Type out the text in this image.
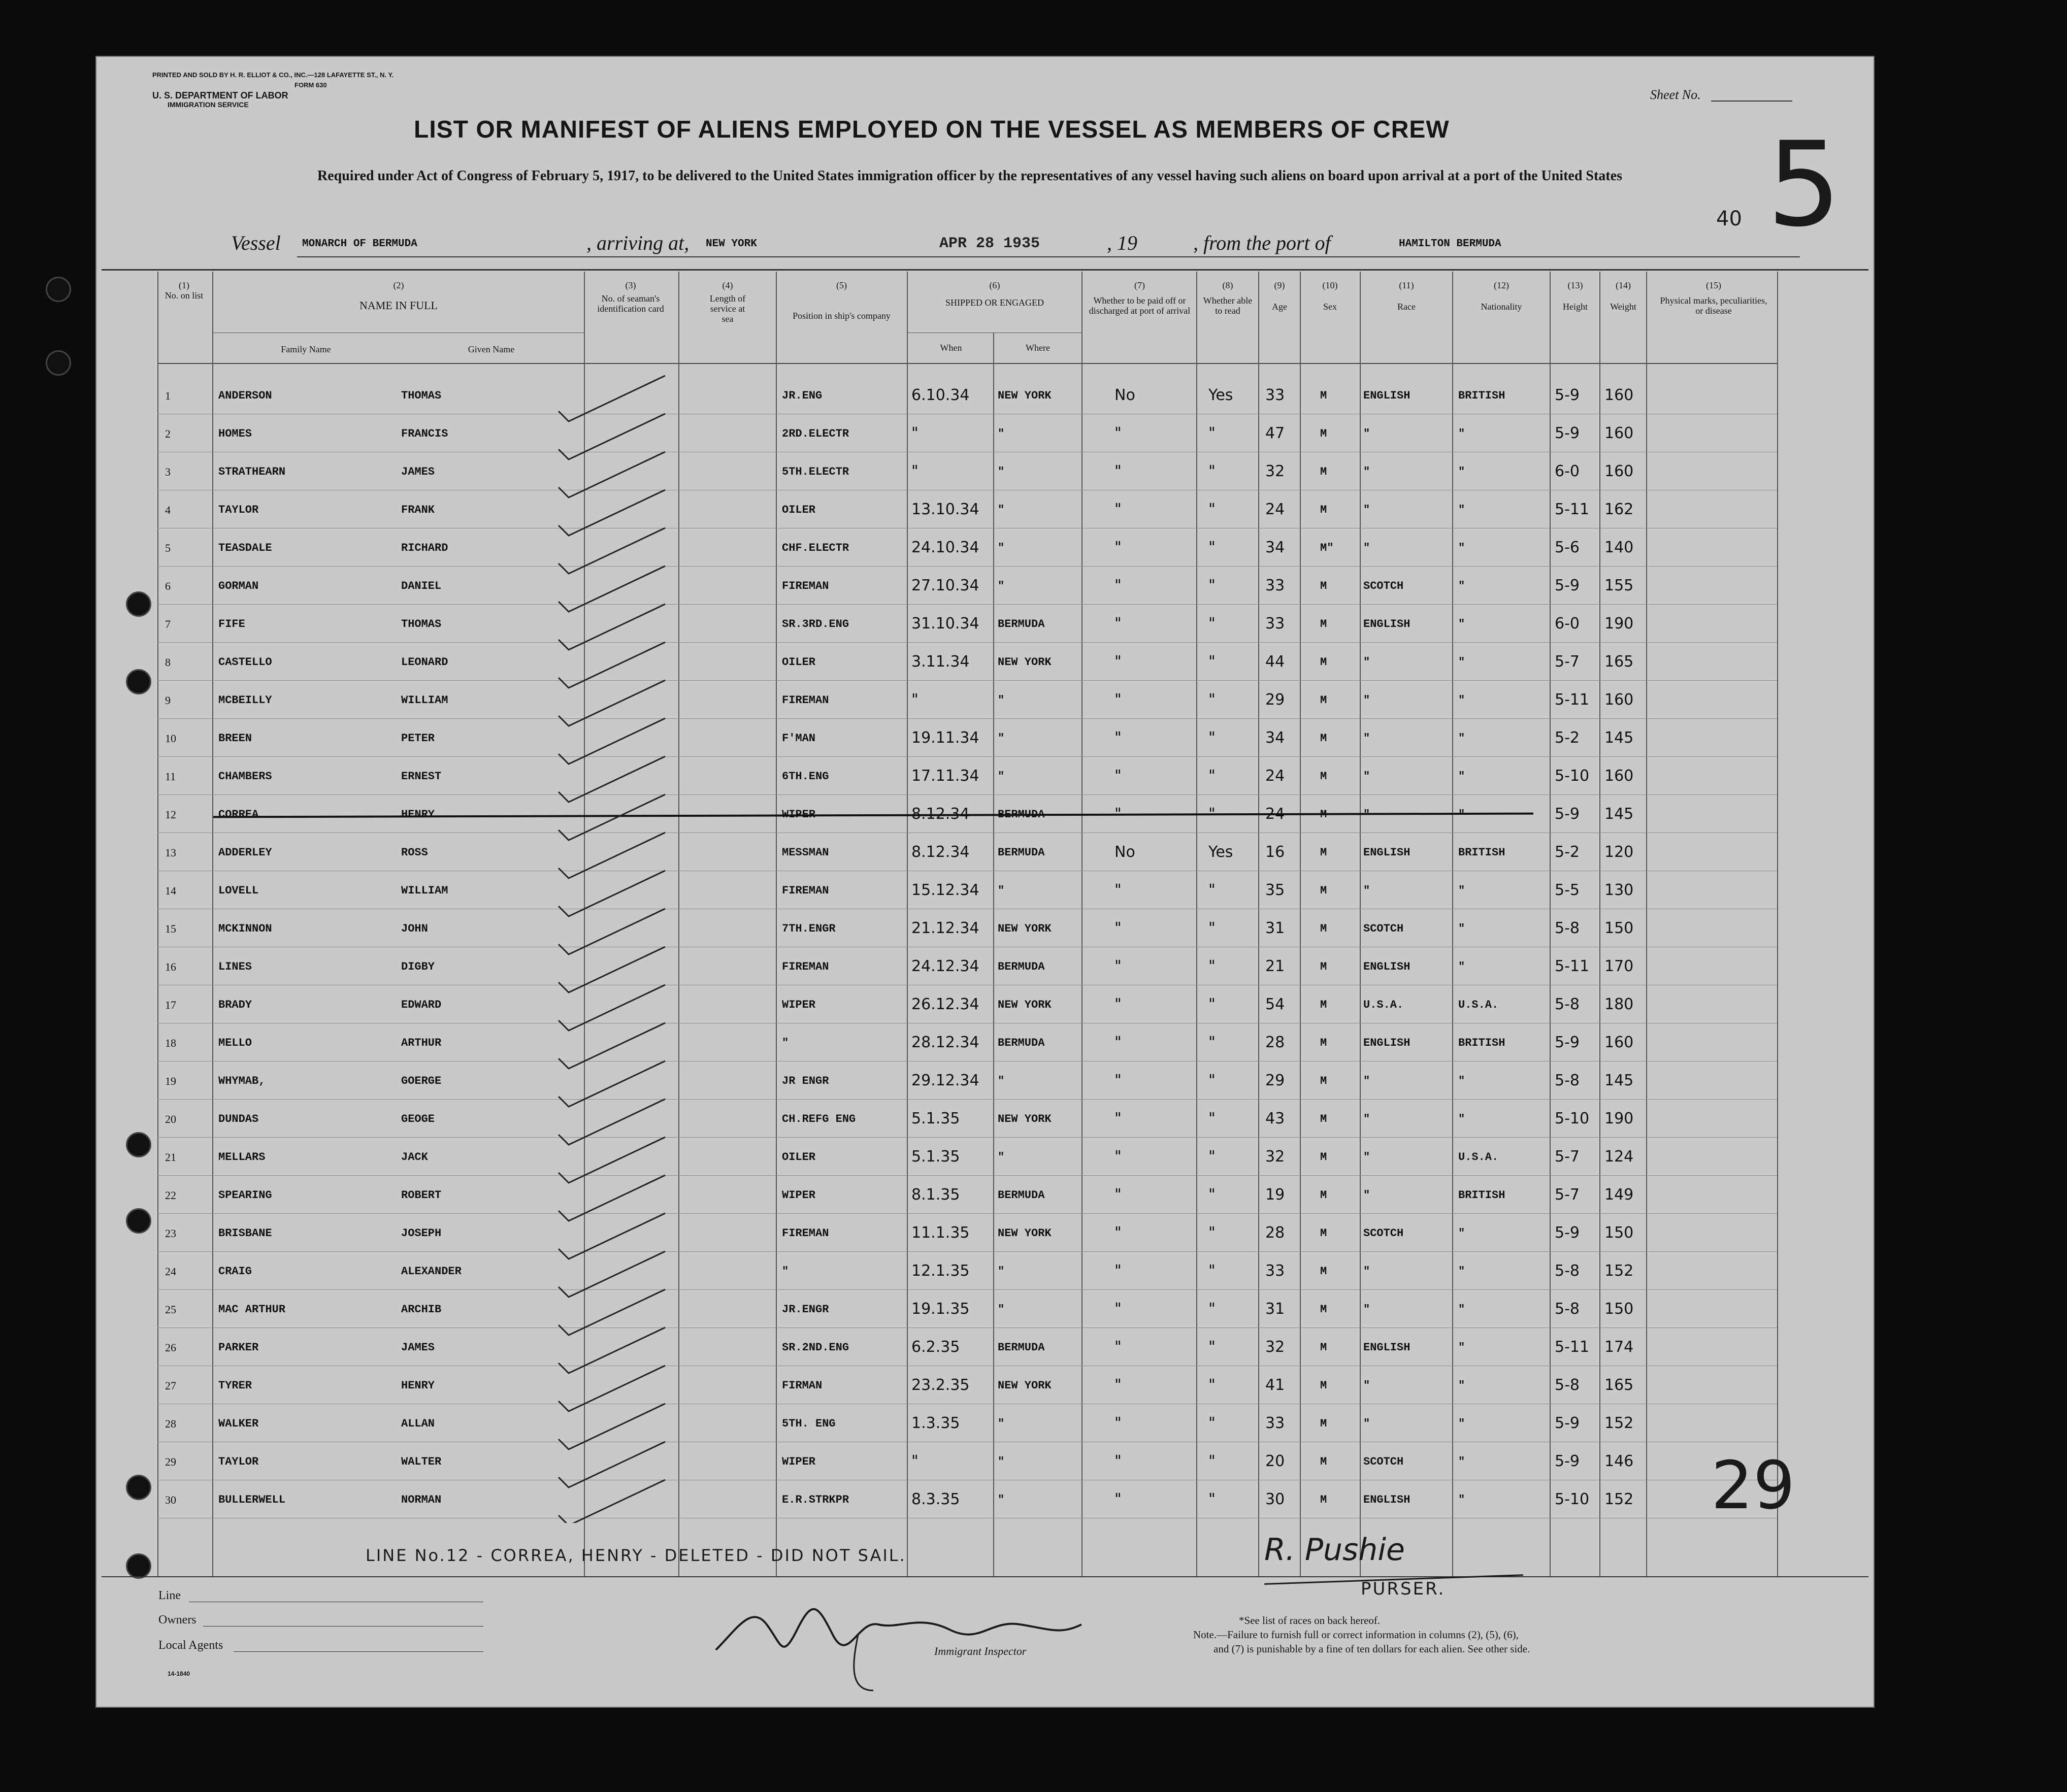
PRINTED AND SOLD BY H. R. ELLIOT & CO., INC.—128 LAFAYETTE ST., N. Y.
FORM 630
U. S. DEPARTMENT OF LABOR
IMMIGRATION SERVICE
Sheet No.
5
LIST OR MANIFEST OF ALIENS EMPLOYED ON THE VESSEL AS MEMBERS OF CREW
Required under Act of Congress of February 5, 1917, to be delivered to the United States immigration officer by the representatives of any vessel having such aliens on board upon arrival at a port of the United States
40
Vessel MONARCH OF BERMUDA	, arriving at, NEW YORK	APR 28 1935	, 19	, from the port of	HAMILTON BERMUDA
(1)
No. on list
(2)
NAME IN FULL
Family Name	Given Name
(3)
No. of seaman's identification card
(4)
Length of service at sea
(5)
Position in ship's company
(6)
SHIPPED OR ENGAGED
When	Where
(7)
Whether to be paid off or discharged at port of arrival
(8)
Whether able to read
(9)
Age
(10)
Sex
(11)
Race
(12)
Nationality
(13)
Height
(14)
Weight
(15)
Physical marks, peculiarities, or disease
1	ANDERSON	THOMAS	JR.ENG	6.10.34	NEW YORK	No	Yes 33	M	ENGLISH	BRITISH	5-9 160
2	HOMES	FRANCIS	2RD.ELECTR	"	"	"	"	47	M	"	"	5-9 160
3	STRATHEARN	JAMES	5TH.ELECTR	"	"	"	"	32	M	"	"	6-0 160
4	TAYLOR	FRANK	OILER	13.10.34 "	"	"	24	M	"	"	5-11 162
5	TEASDALE	RICHARD	CHF.ELECTR	24.10.34 "	"	"	34	M"	"	"	5-6 140
6	GORMAN	DANIEL	FIREMAN	27.10.34 "	"	"	33	M	SCOTCH	"	5-9 155
7	FIFE	THOMAS	SR.3RD.ENG	31.10.34 BERMUDA	"	"	33	M	ENGLISH	"	6-0 190
8	CASTELLO	LEONARD	OILER	3.11.34	NEW YORK	"	"	44	M	"	"	5-7 165
9	MCBEILLY	WILLIAM	FIREMAN	"	"	"	"	29	M	"	"	5-11 160
10	BREEN	PETER	F'MAN	19.11.34 "	"	"	34	M	"	"	5-2 145
11	CHAMBERS	ERNEST	6TH.ENG	17.11.34 "	"	"	24	M	"	"	5-10 160
12	CORREA	HENRY	WIPER	8.12.34	BERMUDA	"	"	24	M	"	"	5-9 145
13	ADDERLEY	ROSS	MESSMAN	8.12.34	BERMUDA	No	Yes 16	M	ENGLISH	BRITISH	5-2 120
14	LOVELL	WILLIAM	FIREMAN	15.12.34 "	"	"	35	M	"	"	5-5 130
15	MCKINNON	JOHN	7TH.ENGR	21.12.34 NEW YORK	"	"	31	M	SCOTCH	"	5-8 150
16	LINES	DIGBY	FIREMAN	24.12.34 BERMUDA	"	"	21	M	ENGLISH	"	5-11 170
17	BRADY	EDWARD	WIPER	26.12.34 NEW YORK	"	"	54	M	U.S.A.	U.S.A.	5-8 180
18	MELLO	ARTHUR	"	28.12.34 BERMUDA	"	"	28	M	ENGLISH	BRITISH	5-9 160
19	WHYMAB,	GOERGE	JR ENGR	29.12.34 "	"	"	29	M	"	"	5-8 145
20	DUNDAS	GEOGE	CH.REFG ENG	5.1.35	NEW YORK	"	"	43	M	"	"	5-10 190
21	MELLARS	JACK	OILER	5.1.35	"	"	"	32	M	"	U.S.A.	5-7 124
22	SPEARING	ROBERT	WIPER	8.1.35	BERMUDA	"	"	19	M	"	BRITISH	5-7 149
23	BRISBANE	JOSEPH	FIREMAN	11.1.35	NEW YORK	"	"	28	M	SCOTCH	"	5-9 150
24	CRAIG	ALEXANDER	"	12.1.35	"	"	"	33	M	"	"	5-8 152
25	MAC ARTHUR	ARCHIB	JR.ENGR	19.1.35	"	"	"	31	M	"	"	5-8 150
26	PARKER	JAMES	SR.2ND.ENG	6.2.35	BERMUDA	"	"	32	M	ENGLISH	"	5-11 174
27	TYRER	HENRY	FIRMAN	23.2.35	NEW YORK	"	"	41	M	"	"	5-8 165
28	WALKER	ALLAN	5TH. ENG	1.3.35	"	"	"	33	M	"	"	5-9 152
29	TAYLOR	WALTER	WIPER	"	"	"	"	20	M	SCOTCH	"	5-9 146
30	BULLERWELL	NORMAN	E.R.STRKPR	8.3.35	"	"	"	30	M	ENGLISH	"	5-10 152 29
LINE No.12 - CORREA, HENRY - DELETED - DID NOT SAIL.	R. Pushie
PURSER.
Line
Owners
Local Agents
14-1840
Immigrant Inspector
*See list of races on back hereof.
Note.—Failure to furnish full or correct information in columns (2), (5), (6),
and (7) is punishable by a fine of ten dollars for each alien. See other side.
